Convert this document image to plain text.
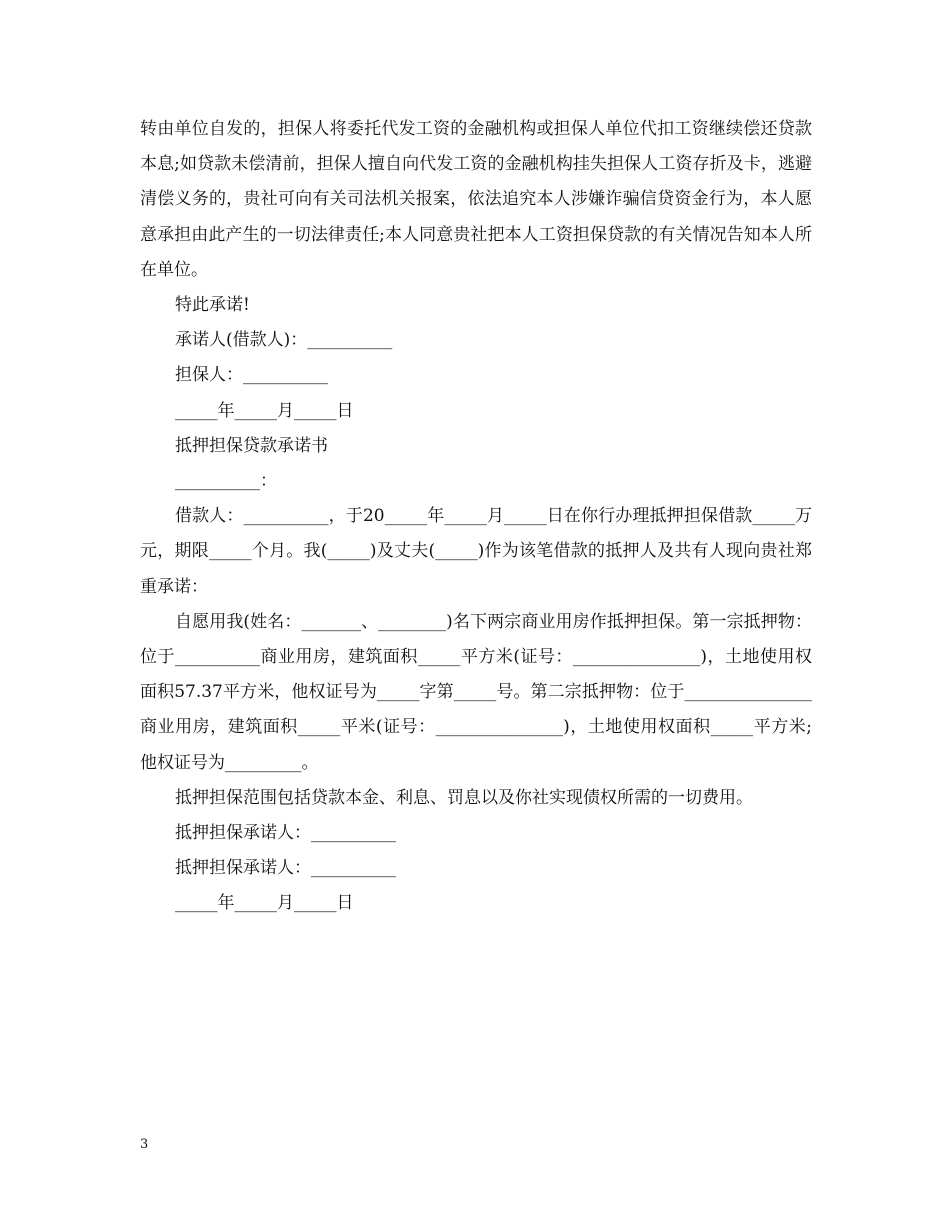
转由单位自发的，担保人将委托代发工资的金融机构或担保人单位代扣工资继续偿还贷款本息;如贷款未偿清前，担保人擅自向代发工资的金融机构挂失担保人工资存折及卡，逃避清偿义务的，贵社可向有关司法机关报案，依法追究本人涉嫌诈骗信贷资金行为，本人愿意承担由此产生的一切法律责任;本人同意贵社把本人工资担保贷款的有关情况告知本人所在单位。

特此承诺!

承诺人(借款人)：__________

担保人：__________

_____年_____月_____日

抵押担保贷款承诺书

__________：

借款人：__________，于20_____年_____月_____日在你行办理抵押担保借款_____万元，期限_____个月。我(_____)及丈夫(_____)作为该笔借款的抵押人及共有人现向贵社郑重承诺：

自愿用我(姓名：_______、________)名下两宗商业用房作抵押担保。第一宗抵押物：位于__________商业用房，建筑面积_____平方米(证号：_______________)，土地使用权面积57.37平方米，他权证号为_____字第_____号。第二宗抵押物：位于_______________商业用房，建筑面积_____平米(证号：_______________)，土地使用权面积_____平方米;他权证号为_________。

抵押担保范围包括贷款本金、利息、罚息以及你社实现债权所需的一切费用。

抵押担保承诺人：__________

抵押担保承诺人：__________

_____年_____月_____日

3
